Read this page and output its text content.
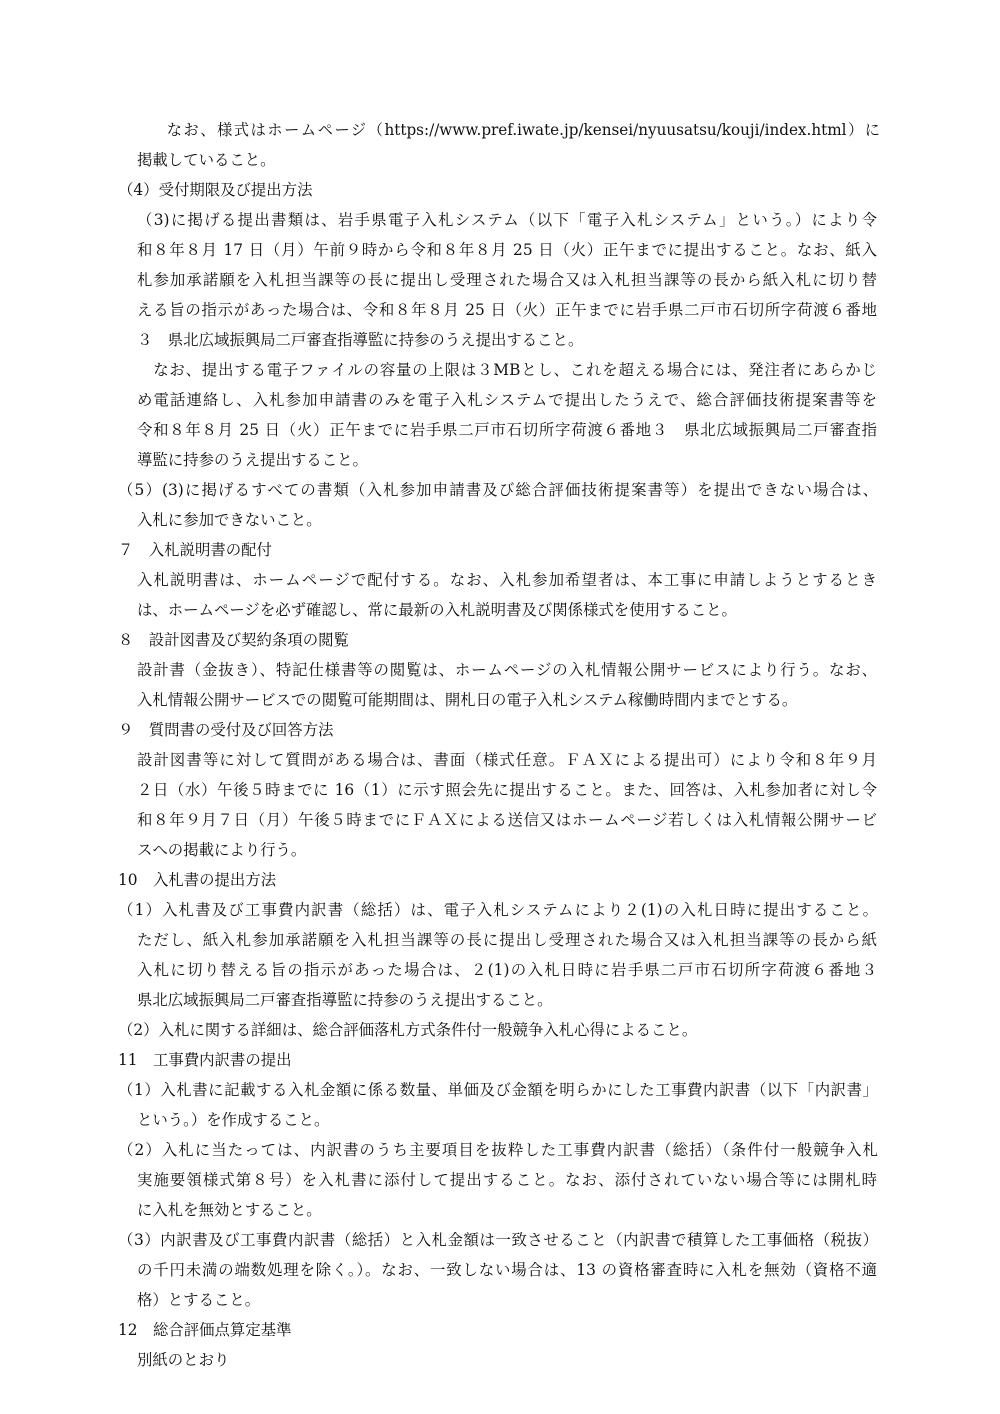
　なお、様式はホームページ（https://www.pref.iwate.jp/kensei/nyuusatsu/kouji/index.html）に
掲載していること。
（4）受付期限及び提出方法
（3)に掲げる提出書類は、岩手県電子入札システム（以下「電子入札システム」という。）により令
和８年８月 17 日（月）午前９時から令和８年８月 25 日（火）正午までに提出すること。なお、紙入
札参加承諾願を入札担当課等の長に提出し受理された場合又は入札担当課等の長から紙入札に切り替
える旨の指示があった場合は、令和８年８月 25 日（火）正午までに岩手県二戸市石切所字荷渡６番地
３　県北広域振興局二戸審査指導監に持参のうえ提出すること。
　なお、提出する電子ファイルの容量の上限は３MBとし、これを超える場合には、発注者にあらかじ
め電話連絡し、入札参加申請書のみを電子入札システムで提出したうえで、総合評価技術提案書等を
令和８年８月 25 日（火）正午までに岩手県二戸市石切所字荷渡６番地３　県北広域振興局二戸審査指
導監に持参のうえ提出すること。
（5）(3)に掲げるすべての書類（入札参加申請書及び総合評価技術提案書等）を提出できない場合は、
入札に参加できないこと。
７　入札説明書の配付
入札説明書は、ホームページで配付する。なお、入札参加希望者は、本工事に申請しようとするとき
は、ホームページを必ず確認し、常に最新の入札説明書及び関係様式を使用すること。
８　設計図書及び契約条項の閲覧
設計書（金抜き）、特記仕様書等の閲覧は、ホームページの入札情報公開サービスにより行う。なお、
入札情報公開サービスでの閲覧可能期間は、開札日の電子入札システム稼働時間内までとする。
９　質問書の受付及び回答方法
設計図書等に対して質問がある場合は、書面（様式任意。ＦＡＸによる提出可）により令和８年９月
２日（水）午後５時までに 16（1）に示す照会先に提出すること。また、回答は、入札参加者に対し令
和８年９月７日（月）午後５時までにＦＡＸによる送信又はホームページ若しくは入札情報公開サービ
スへの掲載により行う。
10　入札書の提出方法
（1）入札書及び工事費内訳書（総括）は、電子入札システムにより２(1)の入札日時に提出すること。
ただし、紙入札参加承諾願を入札担当課等の長に提出し受理された場合又は入札担当課等の長から紙
入札に切り替える旨の指示があった場合は、２(1)の入札日時に岩手県二戸市石切所字荷渡６番地３
県北広域振興局二戸審査指導監に持参のうえ提出すること。
（2）入札に関する詳細は、総合評価落札方式条件付一般競争入札心得によること。
11　工事費内訳書の提出
（1）入札書に記載する入札金額に係る数量、単価及び金額を明らかにした工事費内訳書（以下「内訳書」
という。）を作成すること。
（2）入札に当たっては、内訳書のうち主要項目を抜粋した工事費内訳書（総括）（条件付一般競争入札
実施要領様式第８号）を入札書に添付して提出すること。なお、添付されていない場合等には開札時
に入札を無効とすること。
（3）内訳書及び工事費内訳書（総括）と入札金額は一致させること（内訳書で積算した工事価格（税抜）
の千円未満の端数処理を除く。）。なお、一致しない場合は、13 の資格審査時に入札を無効（資格不適
格）とすること。
12　総合評価点算定基準
別紙のとおり
